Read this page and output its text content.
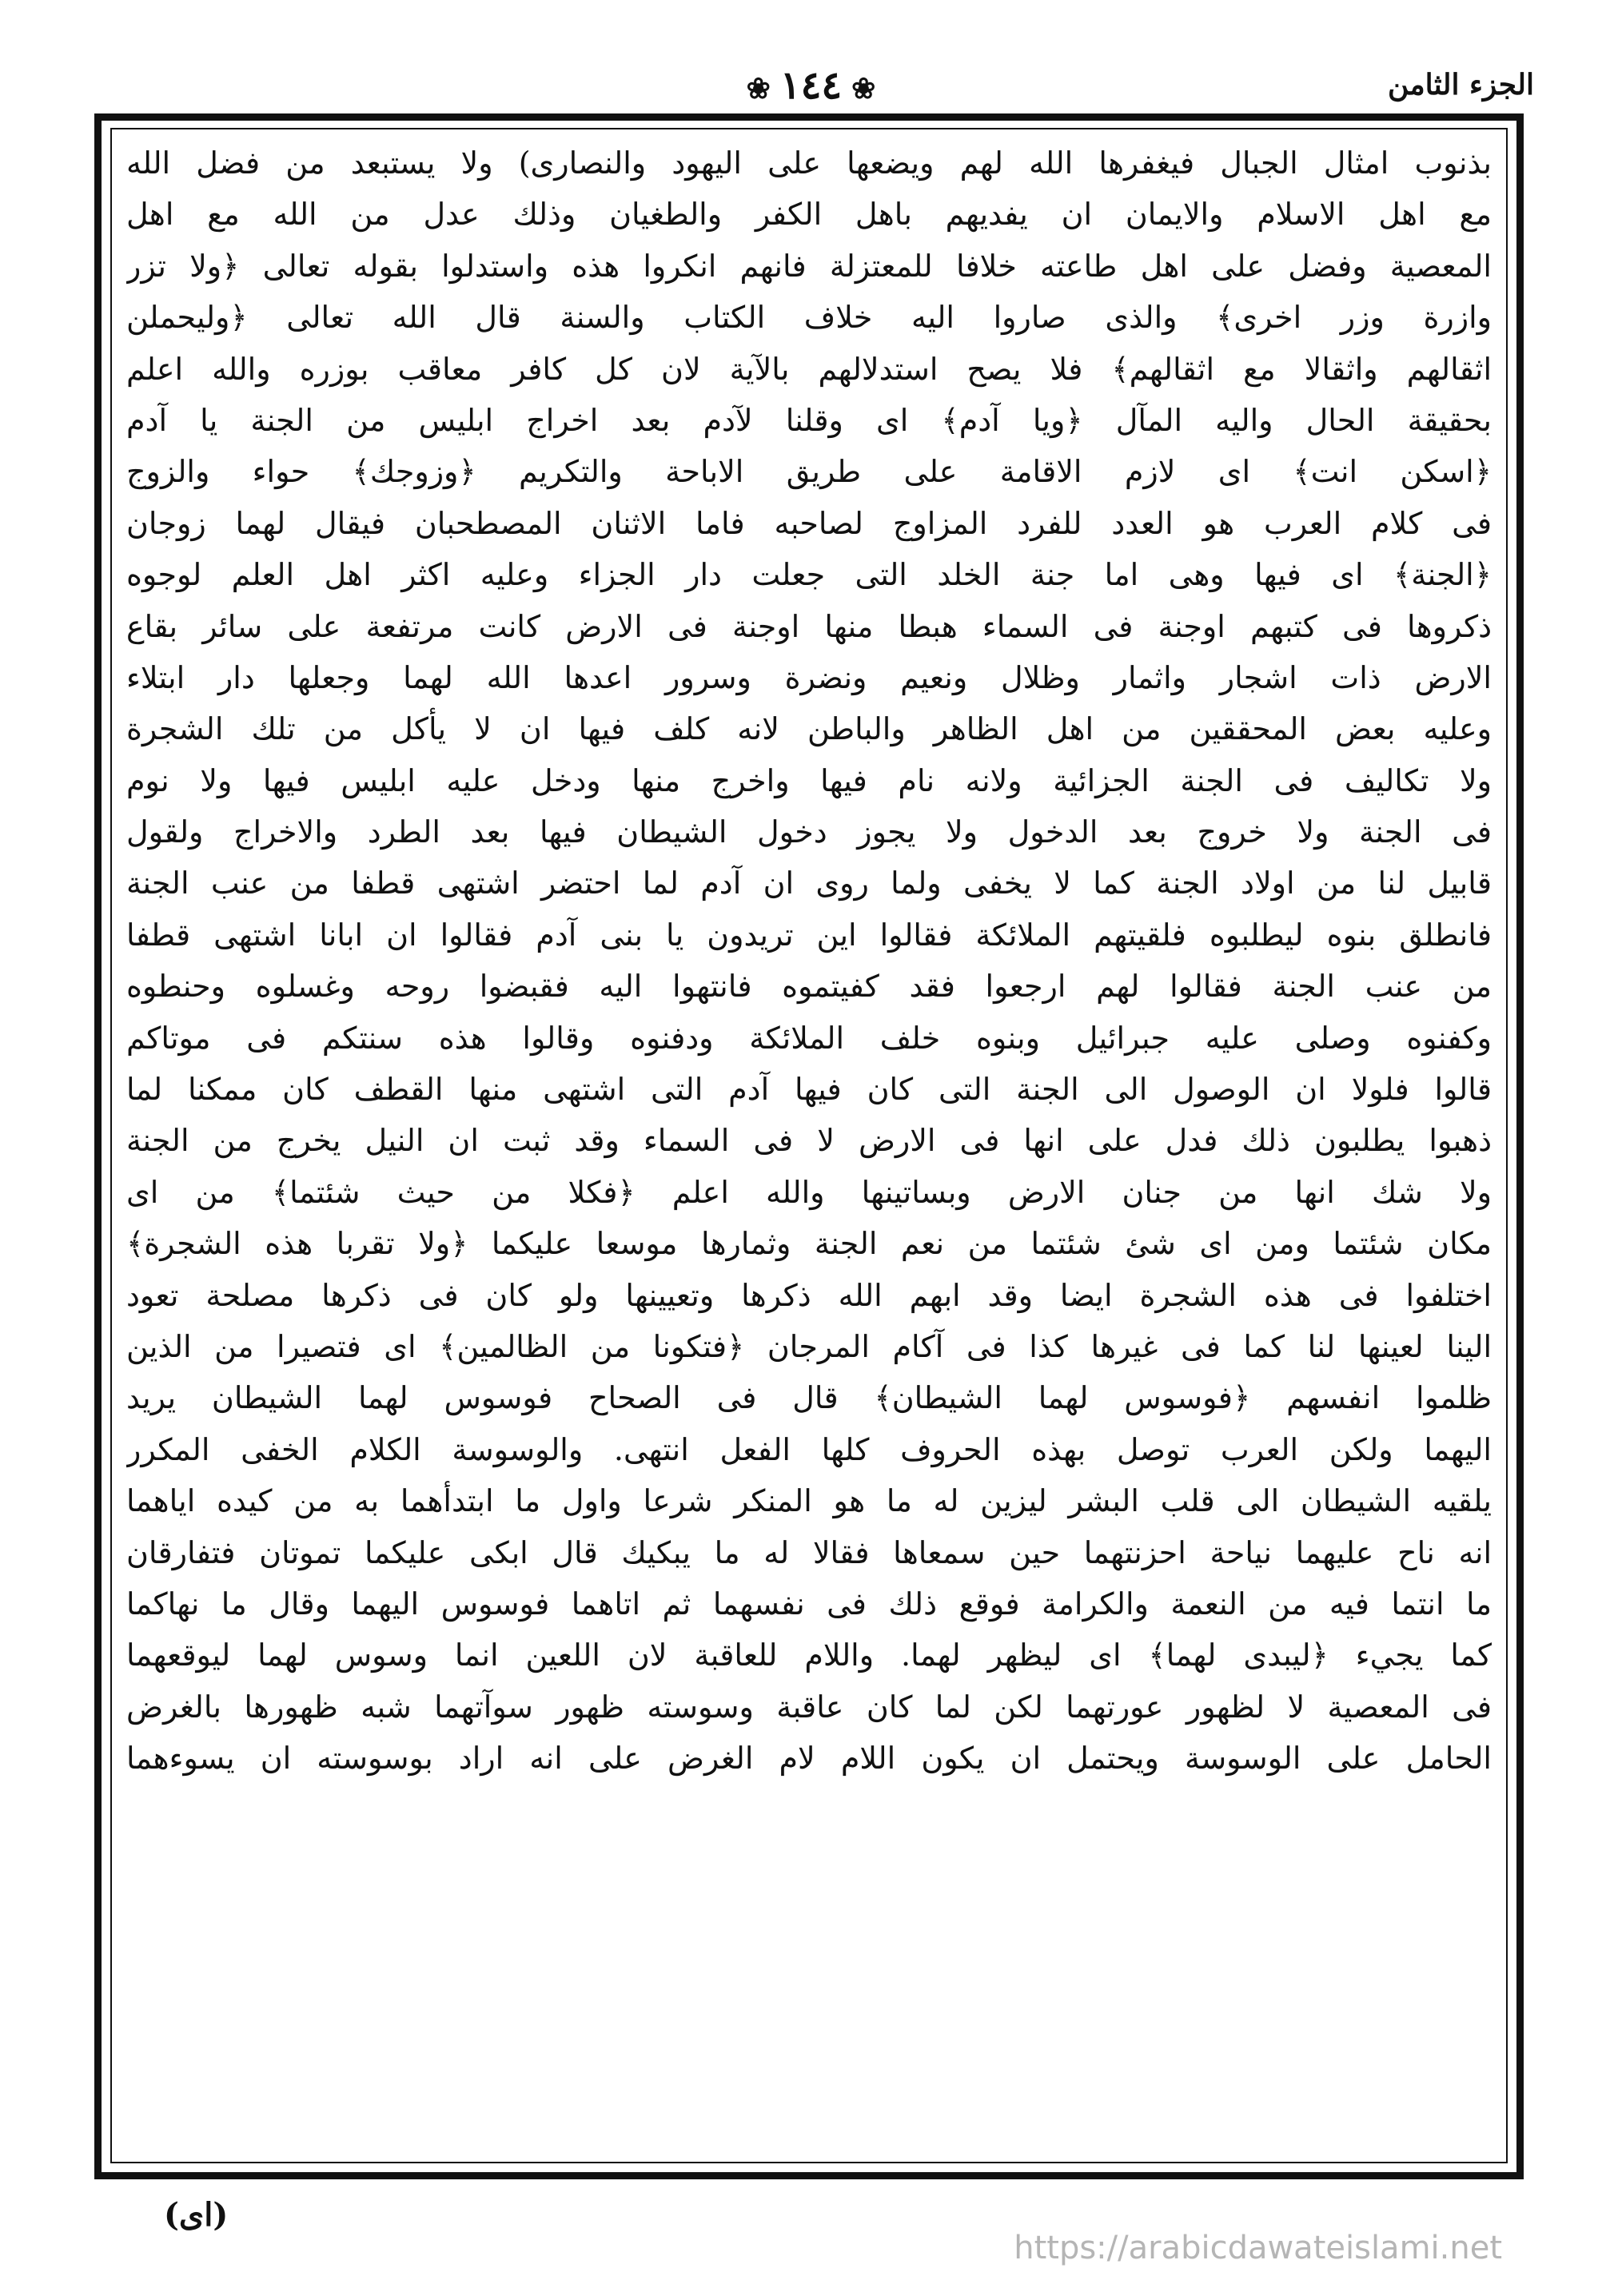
الجزء الثامن
❀١٤٤❀
بذنوب امثال الجبال فيغفرها الله لهم ويضعها على اليهود والنصارى) ولا يستبعد من فضل الله
مع اهل الاسلام والايمان ان يفديهم باهل الكفر والطغيان وذلك عدل من الله مع اهل
المعصية وفضل على اهل طاعته خلافا للمعتزلة فانهم انكروا هذه واستدلوا بقوله تعالى ﴿ولا تزر
وازرة وزر اخرى﴾ والذى صاروا اليه خلاف الكتاب والسنة قال الله تعالى ﴿وليحملن
اثقالهم واثقالا مع اثقالهم﴾ فلا يصح استدلالهم بالآية لان كل كافر معاقب بوزره والله اعلم
بحقيقة الحال واليه المآل ﴿ويا آدم﴾ اى وقلنا لآدم بعد اخراج ابليس من الجنة يا آدم
﴿اسكن انت﴾ اى لازم الاقامة على طريق الاباحة والتكريم ﴿وزوجك﴾ حواء والزوج
فى كلام العرب هو العدد للفرد المزاوج لصاحبه فاما الاثنان المصطحبان فيقال لهما زوجان
﴿الجنة﴾ اى فيها وهى اما جنة الخلد التى جعلت دار الجزاء وعليه اكثر اهل العلم لوجوه
ذكروها فى كتبهم اوجنة فى السماء هبطا منها اوجنة فى الارض كانت مرتفعة على سائر بقاع
الارض ذات اشجار واثمار وظلال ونعيم ونضرة وسرور اعدها الله لهما وجعلها دار ابتلاء
وعليه بعض المحققين من اهل الظاهر والباطن لانه كلف فيها ان لا يأكل من تلك الشجرة
ولا تكاليف فى الجنة الجزائية ولانه نام فيها واخرج منها ودخل عليه ابليس فيها ولا نوم
فى الجنة ولا خروج بعد الدخول ولا يجوز دخول الشيطان فيها بعد الطرد والاخراج ولقول
قابيل لنا من اولاد الجنة كما لا يخفى ولما روى ان آدم لما احتضر اشتهى قطفا من عنب الجنة
فانطلق بنوه ليطلبوه فلقيتهم الملائكة فقالوا اين تريدون يا بنى آدم فقالوا ان ابانا اشتهى قطفا
من عنب الجنة فقالوا لهم ارجعوا فقد كفيتموه فانتهوا اليه فقبضوا روحه وغسلوه وحنطوه
وكفنوه وصلى عليه جبرائيل وبنوه خلف الملائكة ودفنوه وقالوا هذه سنتكم فى موتاكم
قالوا فلولا ان الوصول الى الجنة التى كان فيها آدم التى اشتهى منها القطف كان ممكنا لما
ذهبوا يطلبون ذلك فدل على انها فى الارض لا فى السماء وقد ثبت ان النيل يخرج من الجنة
ولا شك انها من جنان الارض وبساتينها والله اعلم ﴿فكلا من حيث شئتما﴾ من اى
مكان شئتما ومن اى شئ شئتما من نعم الجنة وثمارها موسعا عليكما ﴿ولا تقربا هذه الشجرة﴾
اختلفوا فى هذه الشجرة ايضا وقد ابهم الله ذكرها وتعيينها ولو كان فى ذكرها مصلحة تعود
الينا لعينها لنا كما فى غيرها كذا فى آكام المرجان ﴿فتكونا من الظالمين﴾ اى فتصيرا من الذين
ظلموا انفسهم ﴿فوسوس لهما الشيطان﴾ قال فى الصحاح فوسوس لهما الشيطان يريد
اليهما ولكن العرب توصل بهذه الحروف كلها الفعل انتهى. والوسوسة الكلام الخفى المكرر
يلقيه الشيطان الى قلب البشر ليزين له ما هو المنكر شرعا واول ما ابتدأهما به من كيده اياهما
انه ناح عليهما نياحة احزنتهما حين سمعاها فقالا له ما يبكيك قال ابكى عليكما تموتان فتفارقان
ما انتما فيه من النعمة والكرامة فوقع ذلك فى نفسهما ثم اتاهما فوسوس اليهما وقال ما نهاكما
كما يجيء ﴿ليبدى لهما﴾ اى ليظهر لهما. واللام للعاقبة لان اللعين انما وسوس لهما ليوقعهما
فى المعصية لا لظهور عورتهما لكن لما كان عاقبة وسوسته ظهور سوآتهما شبه ظهورها بالغرض
الحامل على الوسوسة ويحتمل ان يكون اللام لام الغرض على انه اراد بوسوسته ان يسوءهما
(اى)
https://arabicdawateislami.net
